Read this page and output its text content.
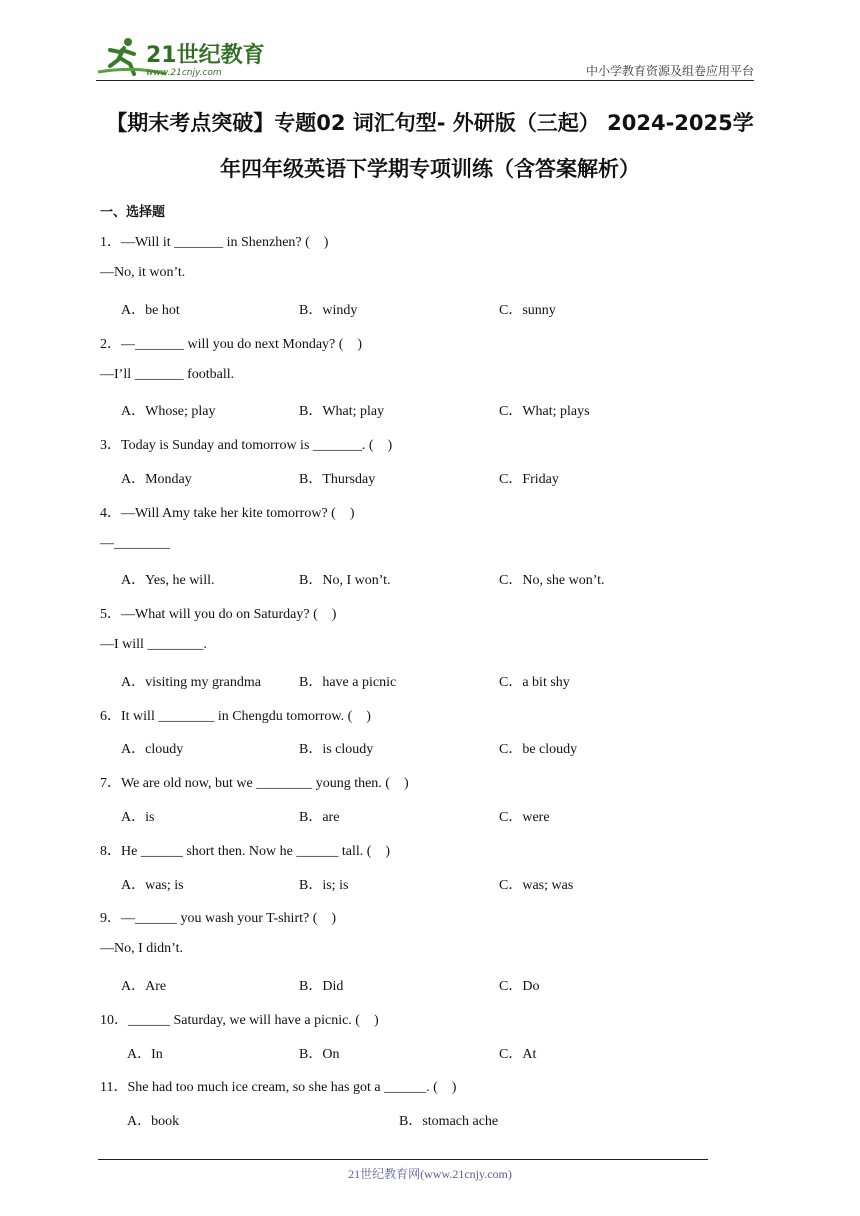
21世纪教育
www.21cnjy.com	中小学教育资源及组卷应用平台
【期末考点突破】专题02 词汇句型- 外研版（三起） 2024-2025学
年四年级英语下学期专项训练（含答案解析）
一、选择题
1．—Will it _______ in Shenzhen? (    )
—No, it won’t.
A．be hot	B．windy	C．sunny
2．—_______ will you do next Monday? (    )
—I’ll _______ football.
A．Whose; play	B．What; play	C．What; plays
3．Today is Sunday and tomorrow is _______. (    )
A．Monday	B．Thursday	C．Friday
4．—Will Amy take her kite tomorrow? (    )
—________
A．Yes, he will.	B．No, I won’t.	C．No, she won’t.
5．—What will you do on Saturday? (    )
—I will ________.
A．visiting my grandma	B．have a picnic	C．a bit shy
6．It will ________ in Chengdu tomorrow. (    )
A．cloudy	B．is cloudy	C．be cloudy
7．We are old now, but we ________ young then. (    )
A．is	B．are	C．were
8．He ______ short then. Now he ______ tall. (    )
A．was; is	B．is; is	C．was; was
9．—______ you wash your T-shirt? (    )
—No, I didn’t.
A．Are	B．Did	C．Do
10．______ Saturday, we will have a picnic. (    )
A．In	B．On	C．At
11．She had too much ice cream, so she has got a ______. (    )
A．book	B．stomach ache
21世纪教育网(www.21cnjy.com)
